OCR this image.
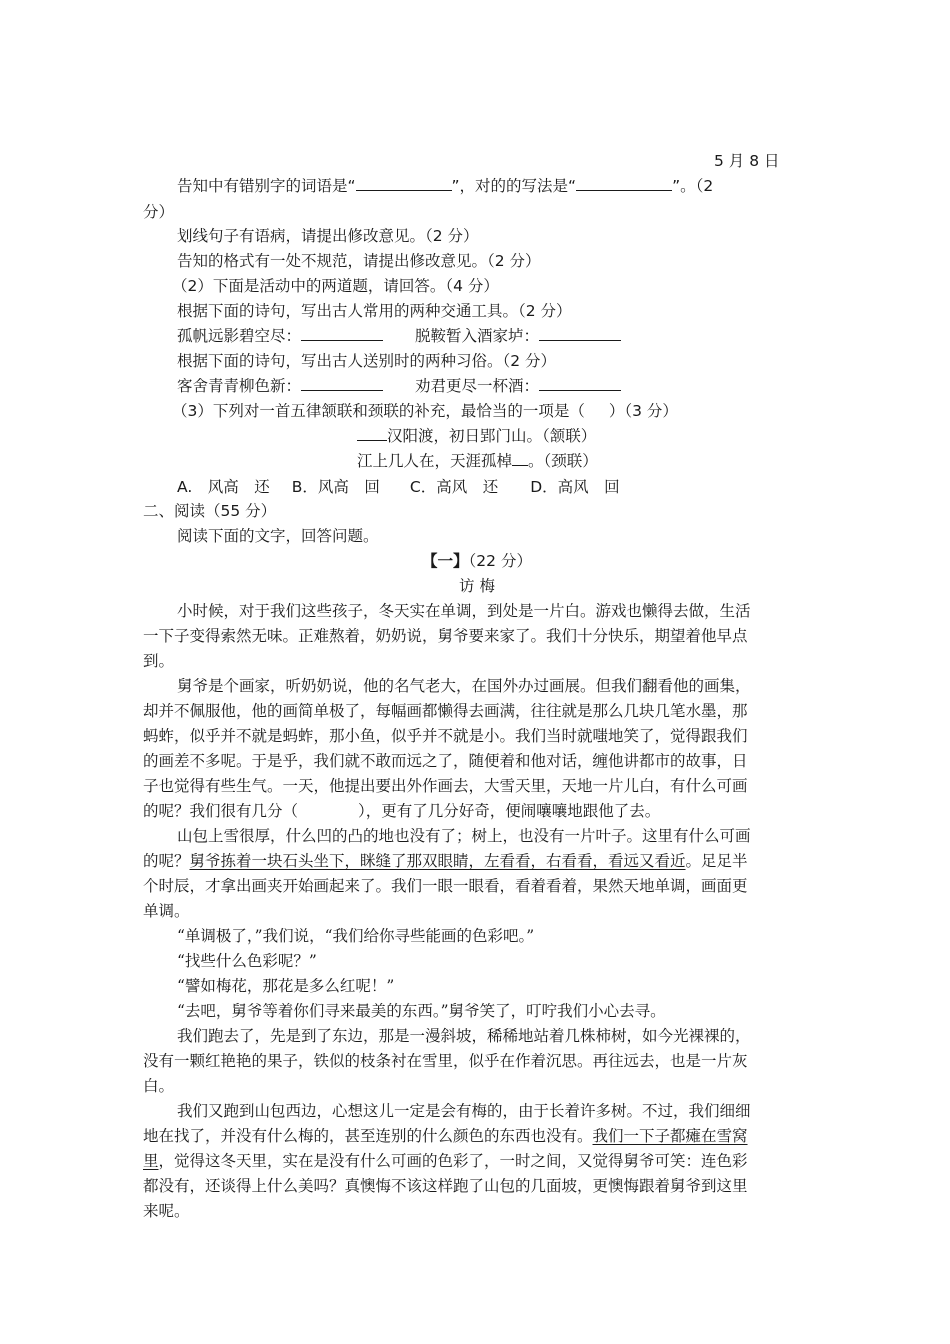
5 月 8 日
告知中有错别字的词语是“	”，对的的写法是“	”。（2
分）
划线句子有语病，请提出修改意见。（2 分）
告知的格式有一处不规范，请提出修改意见。（2 分）
（2）下面是活动中的两道题，请回答。（4 分）
根据下面的诗句，写出古人常用的两种交通工具。（2 分）
孤帆远影碧空尽：	脱鞍暂入酒家垆：
根据下面的诗句，写出古人送别时的两种习俗。（2 分）
客舍青青柳色新：	劝君更尽一杯酒：
（3）下列对一首五律颔联和颈联的补充，最恰当的一项是（ ）（3 分）
汉阳渡，初日郢门山。（颔联）
江上几人在，天涯孤棹 。（颈联）
A.　风高　还 B．风高　回 C．高风　还 D．高风　回
二、阅读（55 分）
阅读下面的文字，回答问题。
【一】（22 分）
访 梅
小时候，对于我们这些孩子，冬天实在单调，到处是一片白。游戏也懒得去做，生活
一下子变得索然无味。正难熬着，奶奶说，舅爷要来家了。我们十分快乐，期望着他早点
到。
舅爷是个画家，听奶奶说，他的名气老大，在国外办过画展。但我们翻看他的画集，
却并不佩服他，他的画简单极了，每幅画都懒得去画满，往往就是那么几块几笔水墨，那
蚂蚱，似乎并不就是蚂蚱，那小鱼，似乎并不就是小。我们当时就嗤地笑了，觉得跟我们
的画差不多呢。于是乎，我们就不敢而远之了，随便着和他对话，缠他讲都市的故事，日
子也觉得有些生气。一天，他提出要出外作画去，大雪天里，天地一片儿白，有什么可画
的呢？我们很有几分（	），更有了几分好奇，便闹嚷嚷地跟他了去。
山包上雪很厚，什么凹的凸的地也没有了；树上，也没有一片叶子。这里有什么可画
的呢？舅爷拣着一块石头坐下，眯缝了那双眼睛，左看看，右看看，看远又看近。足足半
个时辰，才拿出画夹开始画起来了。我们一眼一眼看，看着看着，果然天地单调，画面更
单调。
“单调极了，”我们说，“我们给你寻些能画的色彩吧。”
“找些什么色彩呢？”
“譬如梅花，那花是多么红呢！”
“去吧，舅爷等着你们寻来最美的东西。”舅爷笑了，叮咛我们小心去寻。
我们跑去了，先是到了东边，那是一漫斜坡，稀稀地站着几株柿树，如今光裸裸的，
没有一颗红艳艳的果子，铁似的枝条衬在雪里，似乎在作着沉思。再往远去，也是一片灰
白。
我们又跑到山包西边，心想这儿一定是会有梅的，由于长着许多树。不过，我们细细
地在找了，并没有什么梅的，甚至连别的什么颜色的东西也没有。我们一下子都瘫在雪窝
里，觉得这冬天里，实在是没有什么可画的色彩了，一时之间，又觉得舅爷可笑：连色彩
都没有，还谈得上什么美吗？真懊悔不该这样跑了山包的几面坡，更懊悔跟着舅爷到这里
来呢。
